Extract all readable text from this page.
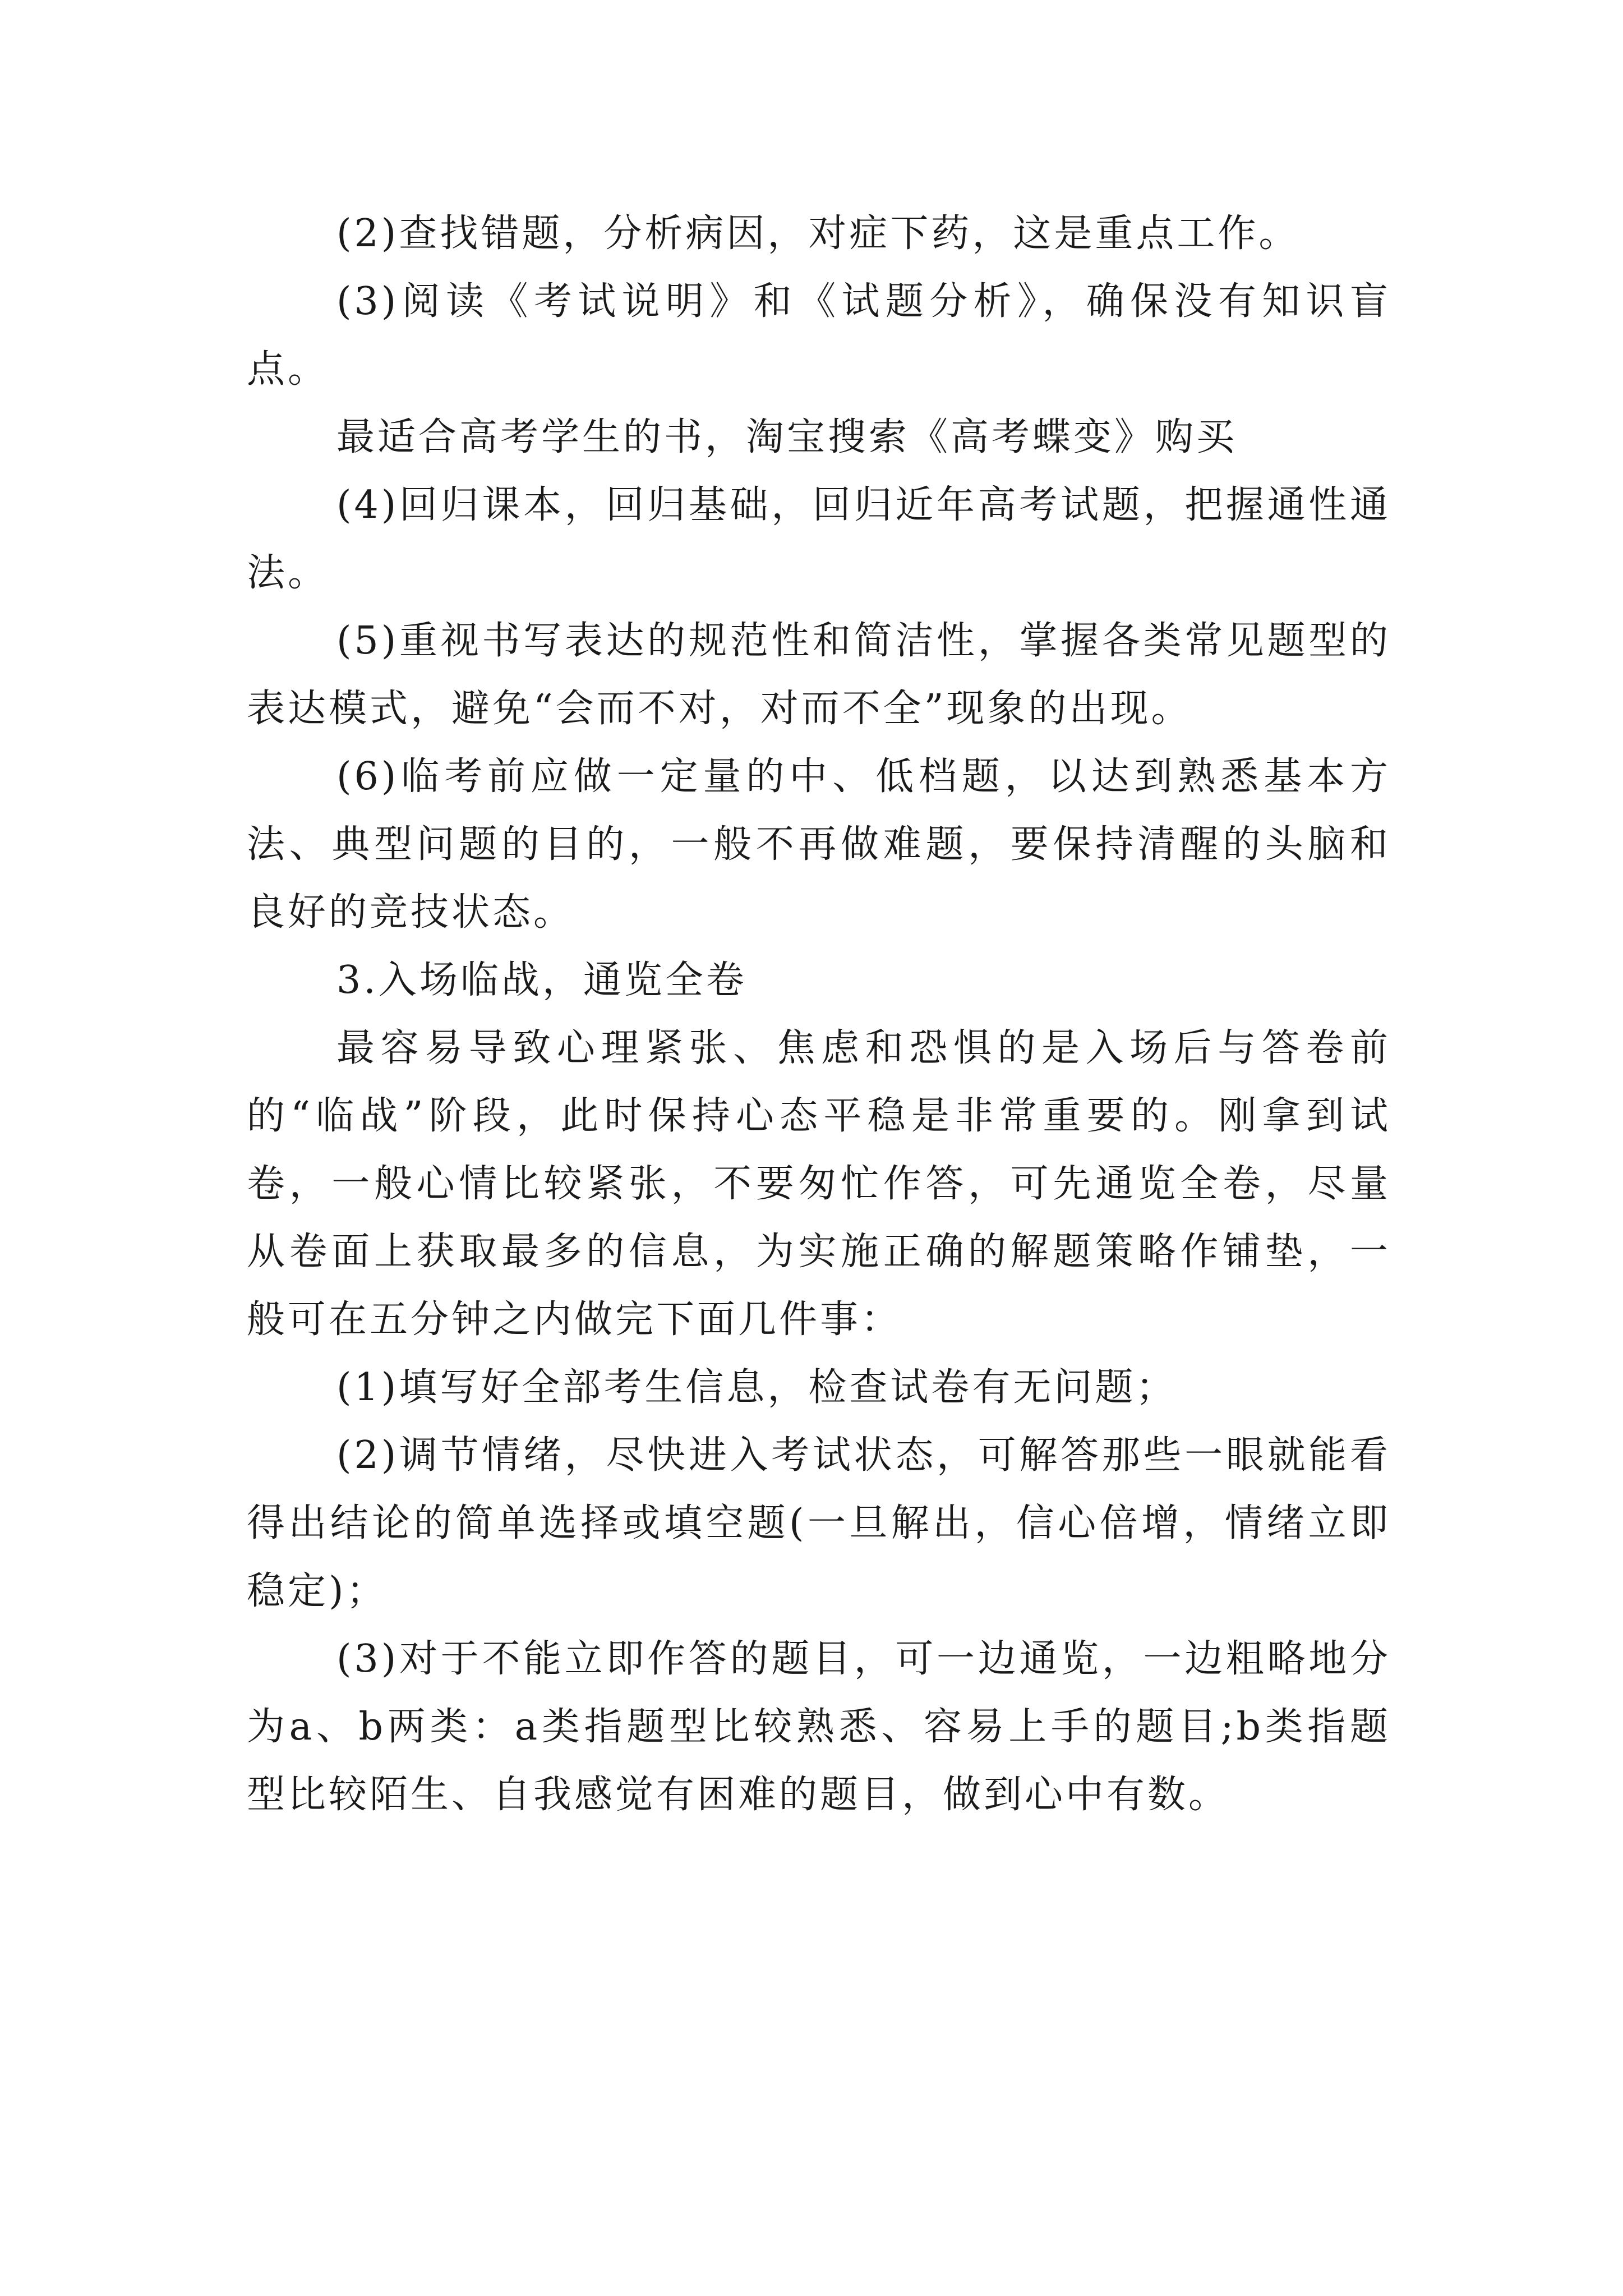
(2)查找错题，分析病因，对症下药，这是重点工作。

(3)阅读《考试说明》和《试题分析》，确保没有知识盲点。

最适合高考学生的书，淘宝搜索《高考蝶变》购买

(4)回归课本，回归基础，回归近年高考试题，把握通性通法。

(5)重视书写表达的规范性和简洁性，掌握各类常见题型的表达模式，避免“会而不对，对而不全”现象的出现。

(6)临考前应做一定量的中、低档题，以达到熟悉基本方法、典型问题的目的，一般不再做难题，要保持清醒的头脑和良好的竞技状态。

3.入场临战，通览全卷

最容易导致心理紧张、焦虑和恐惧的是入场后与答卷前的“临战”阶段，此时保持心态平稳是非常重要的。刚拿到试卷，一般心情比较紧张，不要匆忙作答，可先通览全卷，尽量从卷面上获取最多的信息，为实施正确的解题策略作铺垫，一般可在五分钟之内做完下面几件事：

(1)填写好全部考生信息，检查试卷有无问题；

(2)调节情绪，尽快进入考试状态，可解答那些一眼就能看得出结论的简单选择或填空题(一旦解出，信心倍增，情绪立即稳定)；

(3)对于不能立即作答的题目，可一边通览，一边粗略地分为a、b两类：a类指题型比较熟悉、容易上手的题目;b类指题型比较陌生、自我感觉有困难的题目，做到心中有数。
